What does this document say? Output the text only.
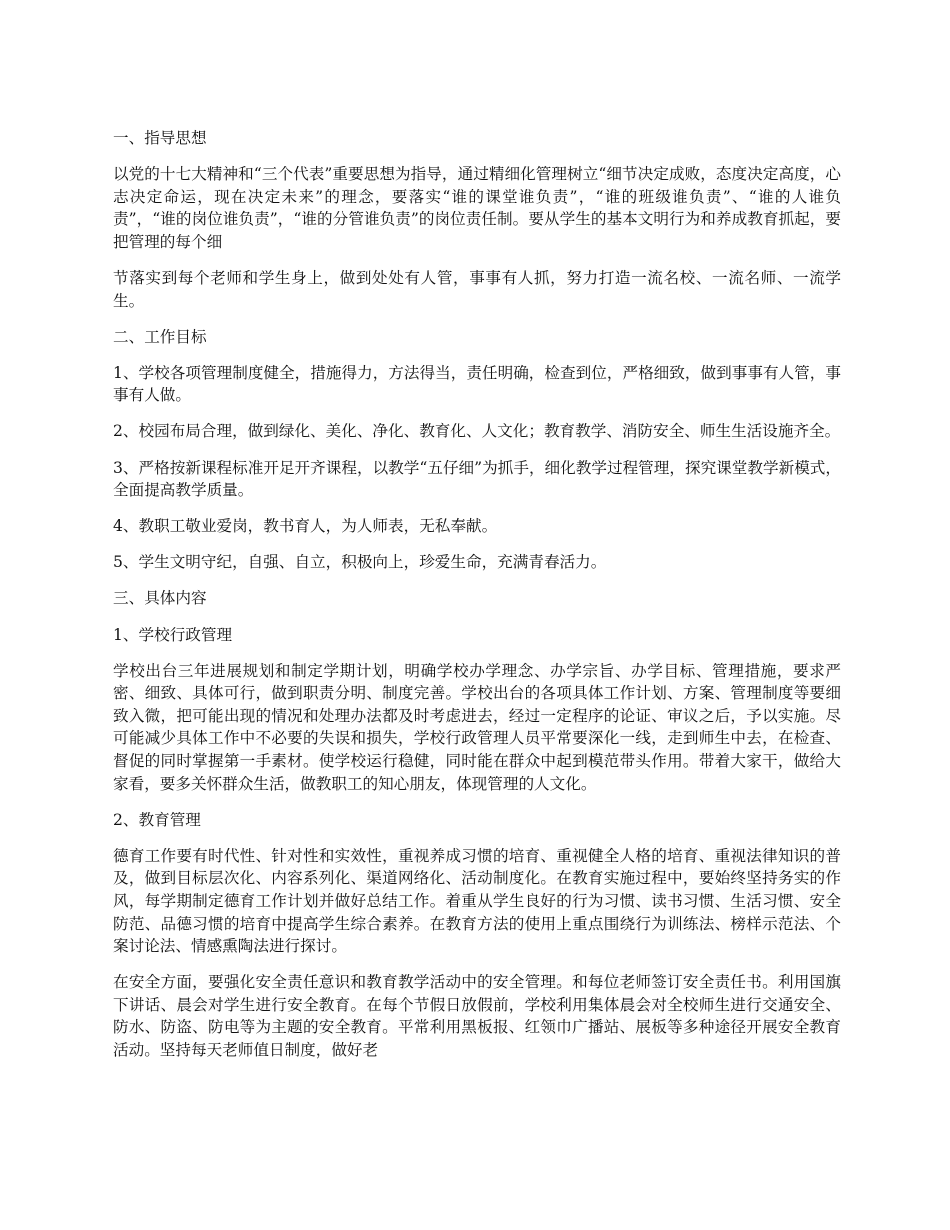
一、指导思想

以党的十七大精神和“三个代表”重要思想为指导，通过精细化管理树立“细节决定成败，态度决定高度，心志决定命运，现在决定未来”的理念，要落实“谁的课堂谁负责”，“谁的班级谁负责”、“谁的人谁负责”，“谁的岗位谁负责”，“谁的分管谁负责”的岗位责任制。要从学生的基本文明行为和养成教育抓起，要把管理的每个细

节落实到每个老师和学生身上，做到处处有人管，事事有人抓，努力打造一流名校、一流名师、一流学生。

二、工作目标

1、学校各项管理制度健全，措施得力，方法得当，责任明确，检查到位，严格细致，做到事事有人管，事事有人做。

2、校园布局合理，做到绿化、美化、净化、教育化、人文化；教育教学、消防安全、师生生活设施齐全。

3、严格按新课程标准开足开齐课程，以教学“五仔细”为抓手，细化教学过程管理，探究课堂教学新模式，全面提高教学质量。

4、教职工敬业爱岗，教书育人，为人师表，无私奉献。

5、学生文明守纪，自强、自立，积极向上，珍爱生命，充满青春活力。

三、具体内容
1、学校行政管理

学校出台三年进展规划和制定学期计划，明确学校办学理念、办学宗旨、办学目标、管理措施，要求严密、细致、具体可行，做到职责分明、制度完善。学校出台的各项具体工作计划、方案、管理制度等要细致入微，把可能出现的情况和处理办法都及时考虑进去，经过一定程序的论证、审议之后，予以实施。尽可能减少具体工作中不必要的失误和损失，学校行政管理人员平常要深化一线，走到师生中去，在检查、督促的同时掌握第一手素材。使学校运行稳健，同时能在群众中起到模范带头作用。带着大家干，做给大家看，要多关怀群众生活，做教职工的知心朋友，体现管理的人文化。

2、教育管理

德育工作要有时代性、针对性和实效性，重视养成习惯的培育、重视健全人格的培育、重视法律知识的普及，做到目标层次化、内容系列化、渠道网络化、活动制度化。在教育实施过程中，要始终坚持务实的作风，每学期制定德育工作计划并做好总结工作。着重从学生良好的行为习惯、读书习惯、生活习惯、安全防范、品德习惯的培育中提高学生综合素养。在教育方法的使用上重点围绕行为训练法、榜样示范法、个案讨论法、情感熏陶法进行探讨。

在安全方面，要强化安全责任意识和教育教学活动中的安全管理。和每位老师签订安全责任书。利用国旗下讲话、晨会对学生进行安全教育。在每个节假日放假前，学校利用集体晨会对全校师生进行交通安全、防水、防盗、防电等为主题的安全教育。平常利用黑板报、红领巾广播站、展板等多种途径开展安全教育活动。坚持每天老师值日制度，做好老
